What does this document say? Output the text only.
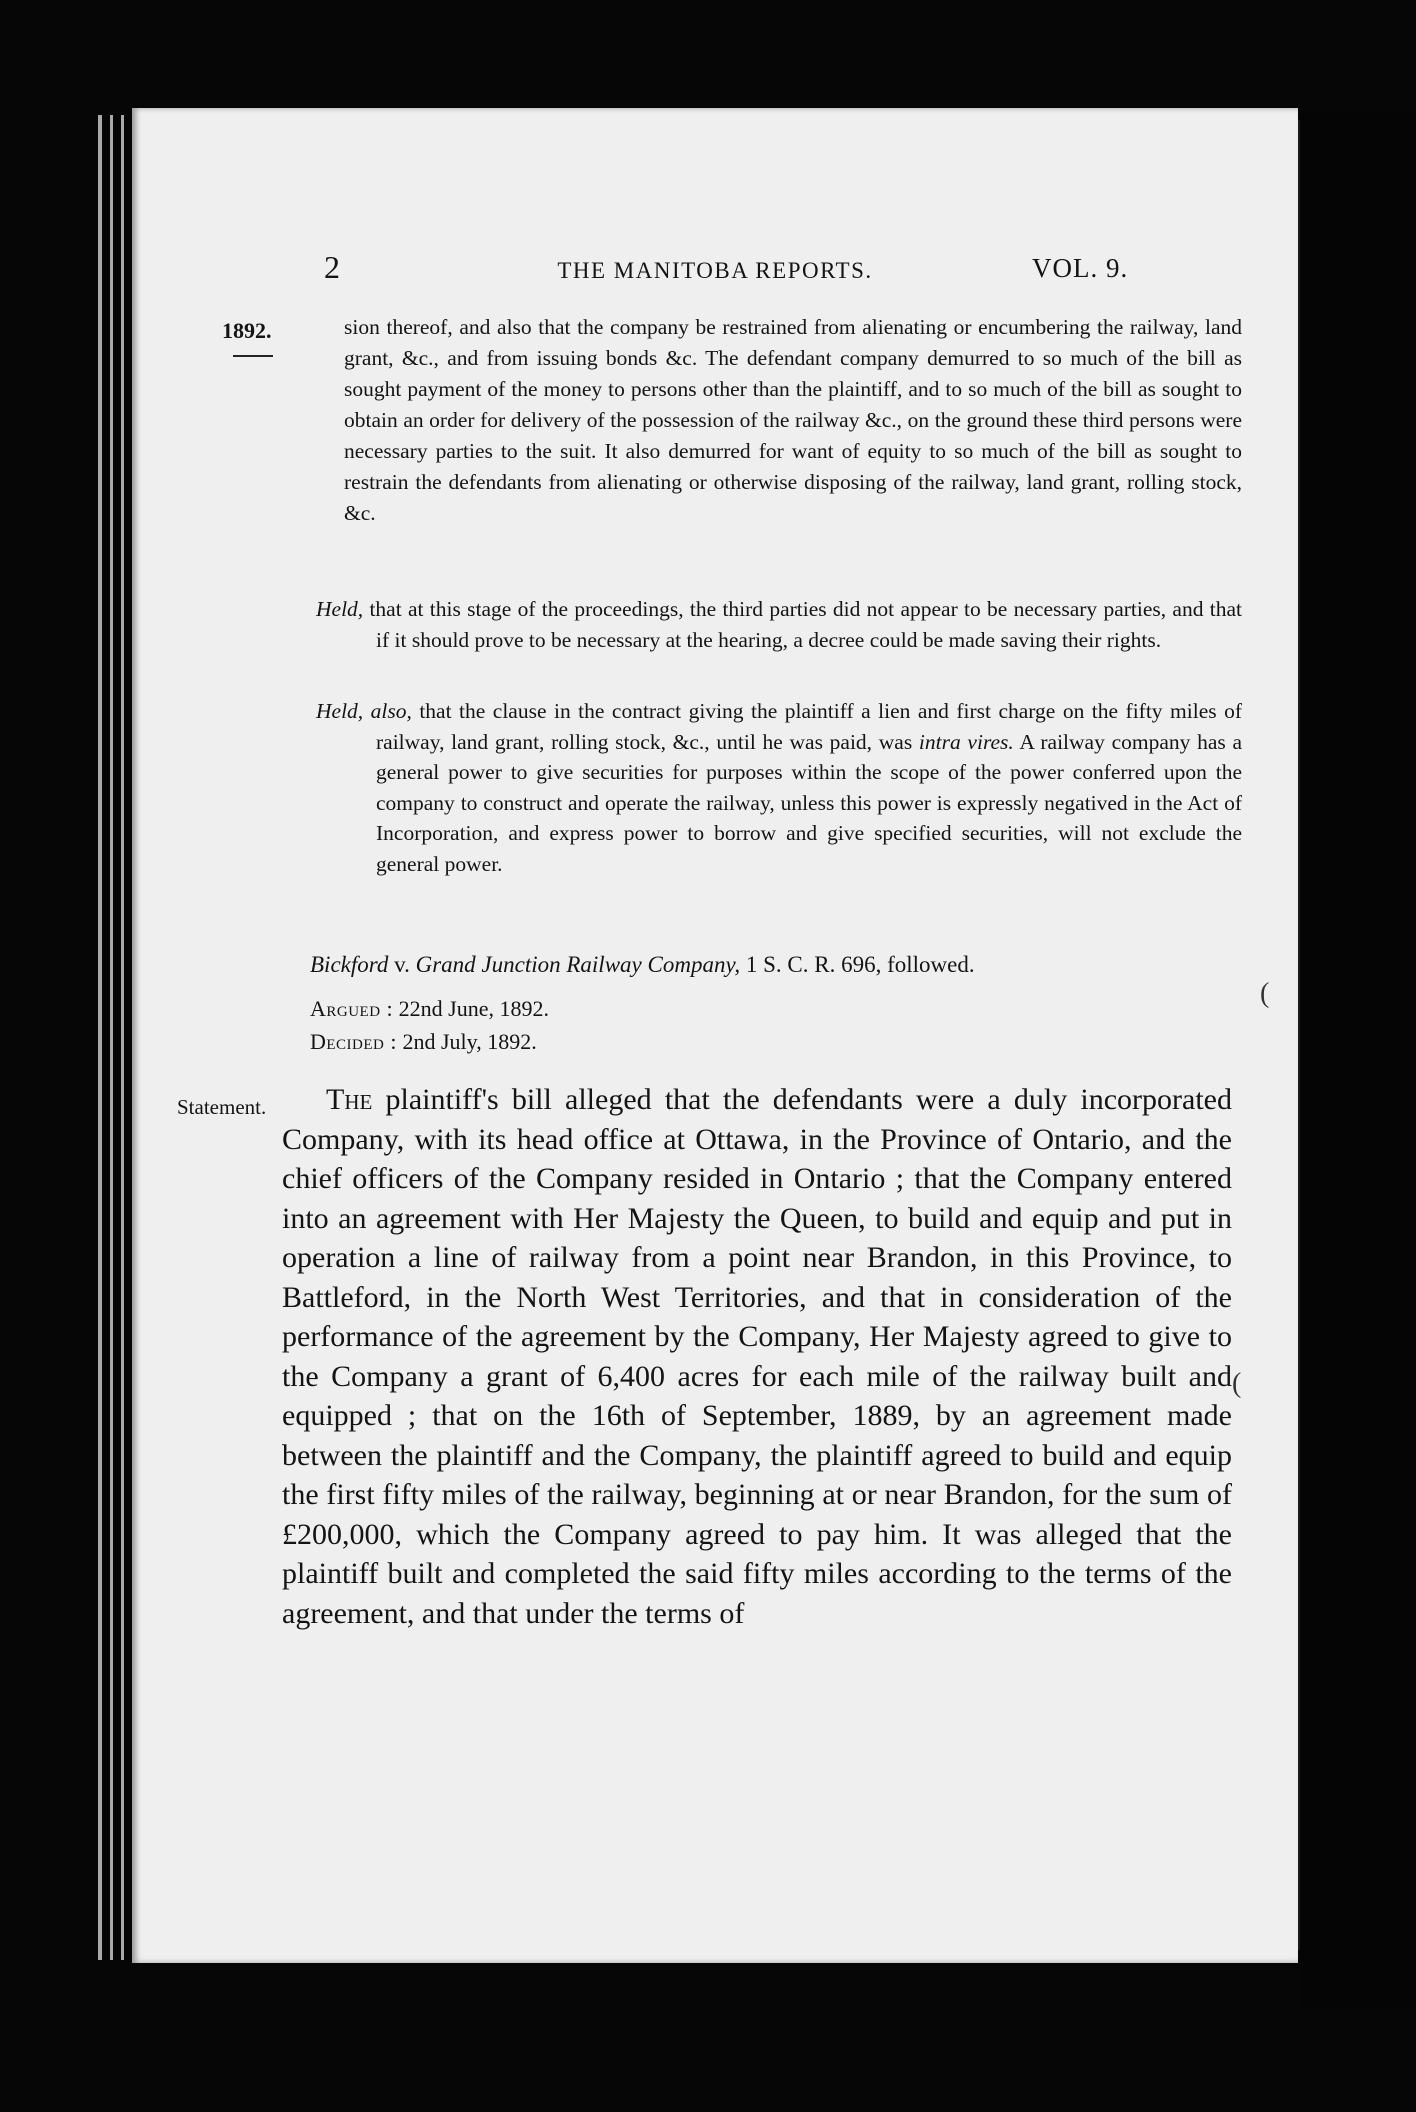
2	THE MANITOBA REPORTS.	VOL. 9.
1892.	sion thereof, and also that the company be restrained from alienating or encumbering the railway, land grant, &c., and from issuing bonds &c. The defendant company demurred to so much of the bill as sought payment of the money to persons other than the plaintiff, and to so much of the bill as sought to obtain an order for delivery of the possession of the railway &c., on the ground these third persons were necessary parties to the suit. It also demurred for want of equity to so much of the bill as sought to restrain the defendants from alienating or otherwise disposing of the railway, land grant, rolling stock, &c.

Held, that at this stage of the proceedings, the third parties did not appear to be necessary parties, and that if it should prove to be necessary at the hearing, a decree could be made saving their rights.

Held, also, that the clause in the contract giving the plaintiff a lien and first charge on the fifty miles of railway, land grant, rolling stock, &c., until he was paid, was intra vires. A railway company has a general power to give securities for purposes within the scope of the power conferred upon the company to construct and operate the railway, unless this power is expressly negatived in the Act of Incorporation, and express power to borrow and give specified securities, will not exclude the general power.

Bickford v. Grand Junction Railway Company, 1 S. C. R. 696, followed.
Argued : 22nd June, 1892.
Decided : 2nd July, 1892.
Statement.	The plaintiff's bill alleged that the defendants were a duly incorporated Company, with its head office at Ottawa, in the Province of Ontario, and the chief officers of the Company resided in Ontario ; that the Company entered into an agreement with Her Majesty the Queen, to build and equip and put in operation a line of railway from a point near Brandon, in this Province, to Battleford, in the North West Territories, and that in consideration of the performance of the agreement by the Company, Her Majesty agreed to give to the Company a grant of 6,400 acres for each mile of the railway built and equipped ; that on the 16th of September, 1889, by an agreement made between the plaintiff and the Company, the plaintiff agreed to build and equip the first fifty miles of the railway, beginning at or near Brandon, for the sum of £200,000, which the Company agreed to pay him. It was alleged that the plaintiff built and completed the said fifty miles according to the terms of the agreement, and that under the terms of

(
(
